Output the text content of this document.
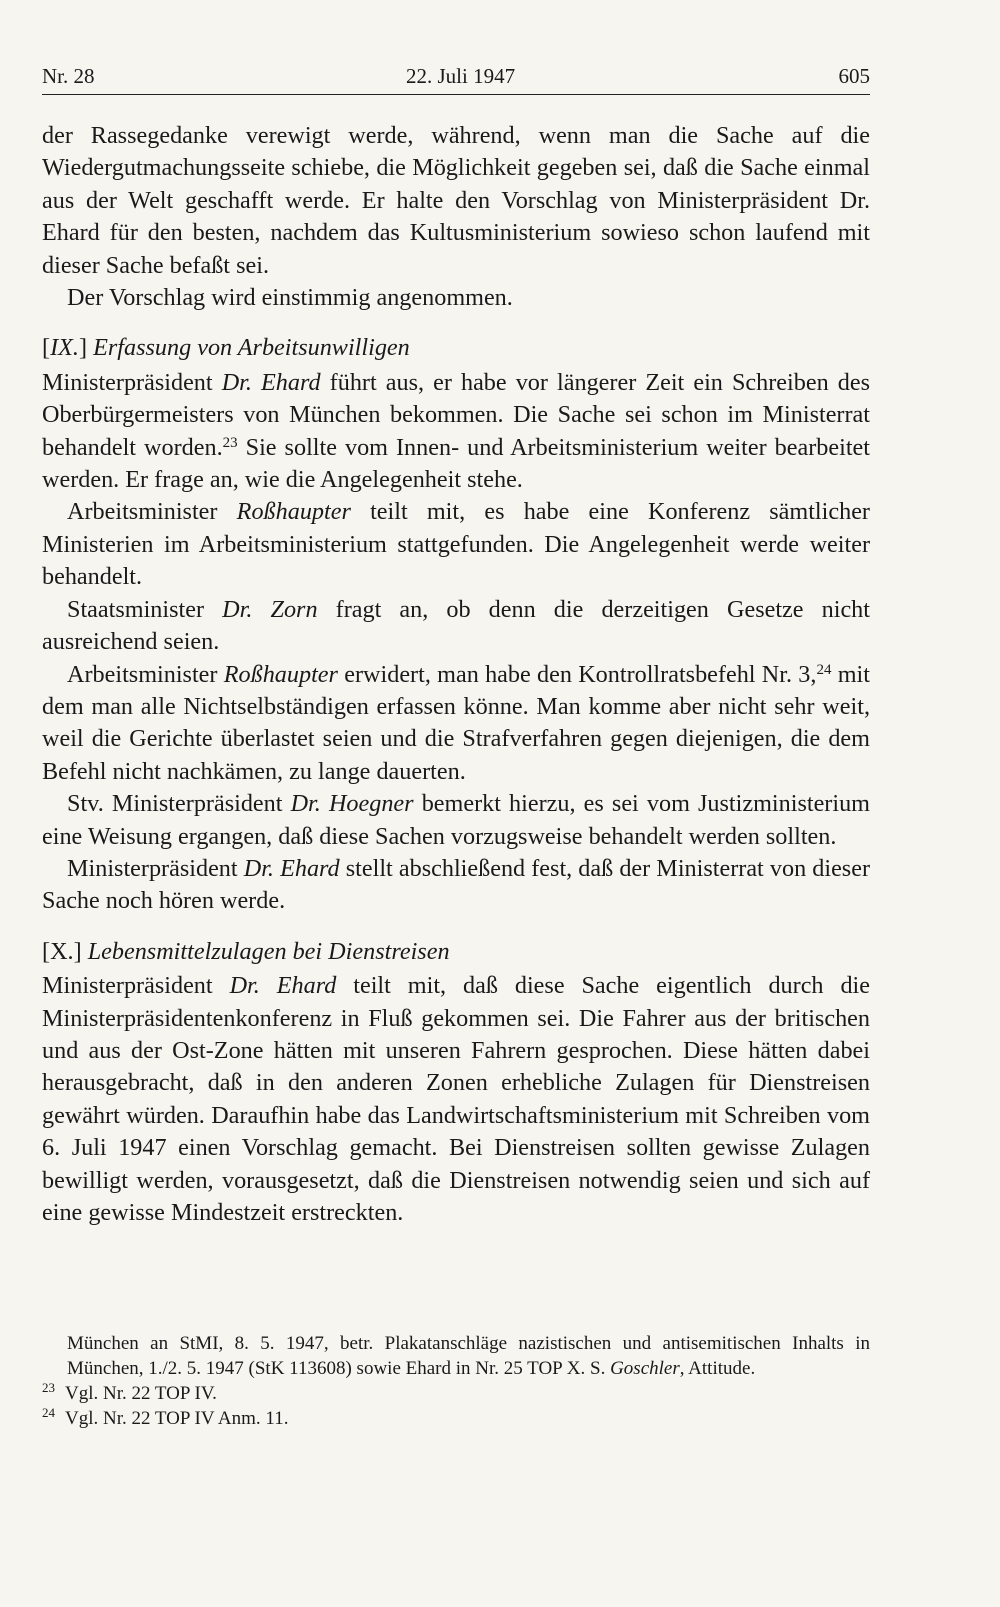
Nr. 28	22. Juli 1947	605

der Rassegedanke verewigt werde, während, wenn man die Sache auf die Wiedergutmachungsseite schiebe, die Möglichkeit gegeben sei, daß die Sache einmal aus der Welt geschafft werde. Er halte den Vorschlag von Ministerpräsident Dr. Ehard für den besten, nachdem das Kultusministerium sowieso schon laufend mit dieser Sache befaßt sei.

Der Vorschlag wird einstimmig angenommen.

[IX.] Erfassung von Arbeitsunwilligen

Ministerpräsident Dr. Ehard führt aus, er habe vor längerer Zeit ein Schreiben des Oberbürgermeisters von München bekommen. Die Sache sei schon im Ministerrat behandelt worden.$^{23}$ Sie sollte vom Innen- und Arbeitsministerium weiter bearbeitet werden. Er frage an, wie die Angelegenheit stehe.

Arbeitsminister Roßhaupter teilt mit, es habe eine Konferenz sämtlicher Ministerien im Arbeitsministerium stattgefunden. Die Angelegenheit werde weiter behandelt.

Staatsminister Dr. Zorn fragt an, ob denn die derzeitigen Gesetze nicht ausreichend seien.

Arbeitsminister Roßhaupter erwidert, man habe den Kontrollratsbefehl Nr. 3,24 mit dem man alle Nichtselbständigen erfassen könne. Man komme aber nicht sehr weit, weil die Gerichte überlastet seien und die Strafverfahren gegen diejenigen, die dem Befehl nicht nachkämen, zu lange dauerten.

Stv. Ministerpräsident Dr. Hoegner bemerkt hierzu, es sei vom Justizministerium eine Weisung ergangen, daß diese Sachen vorzugsweise behandelt werden sollten.

Ministerpräsident Dr. Ehard stellt abschließend fest, daß der Ministerrat von dieser Sache noch hören werde.

[X.] Lebensmittelzulagen bei Dienstreisen

Ministerpräsident Dr. Ehard teilt mit, daß diese Sache eigentlich durch die Ministerpräsidentenkonferenz in Fluß gekommen sei. Die Fahrer aus der britischen und aus der Ost-Zone hätten mit unseren Fahrern gesprochen. Diese hätten dabei herausgebracht, daß in den anderen Zonen erhebliche Zulagen für Dienstreisen gewährt würden. Daraufhin habe das Landwirtschaftsministerium mit Schreiben vom 6. Juli 1947 einen Vorschlag gemacht. Bei Dienstreisen sollten gewisse Zulagen bewilligt werden, vorausgesetzt, daß die Dienstreisen notwendig seien und sich auf eine gewisse Mindestzeit erstreckten.

München an StMI, 8. 5. 1947, betr. Plakatanschläge nazistischen und antisemitischen Inhalts in München, 1./2. 5. 1947 (StK 113608) sowie Ehard in Nr. 25 TOP X. S. Goschler, Attitude.

$^{23}$ Vgl. Nr. 22 TOP IV.

$^{24}$ Vgl. Nr. 22 TOP IV Anm. 11.
